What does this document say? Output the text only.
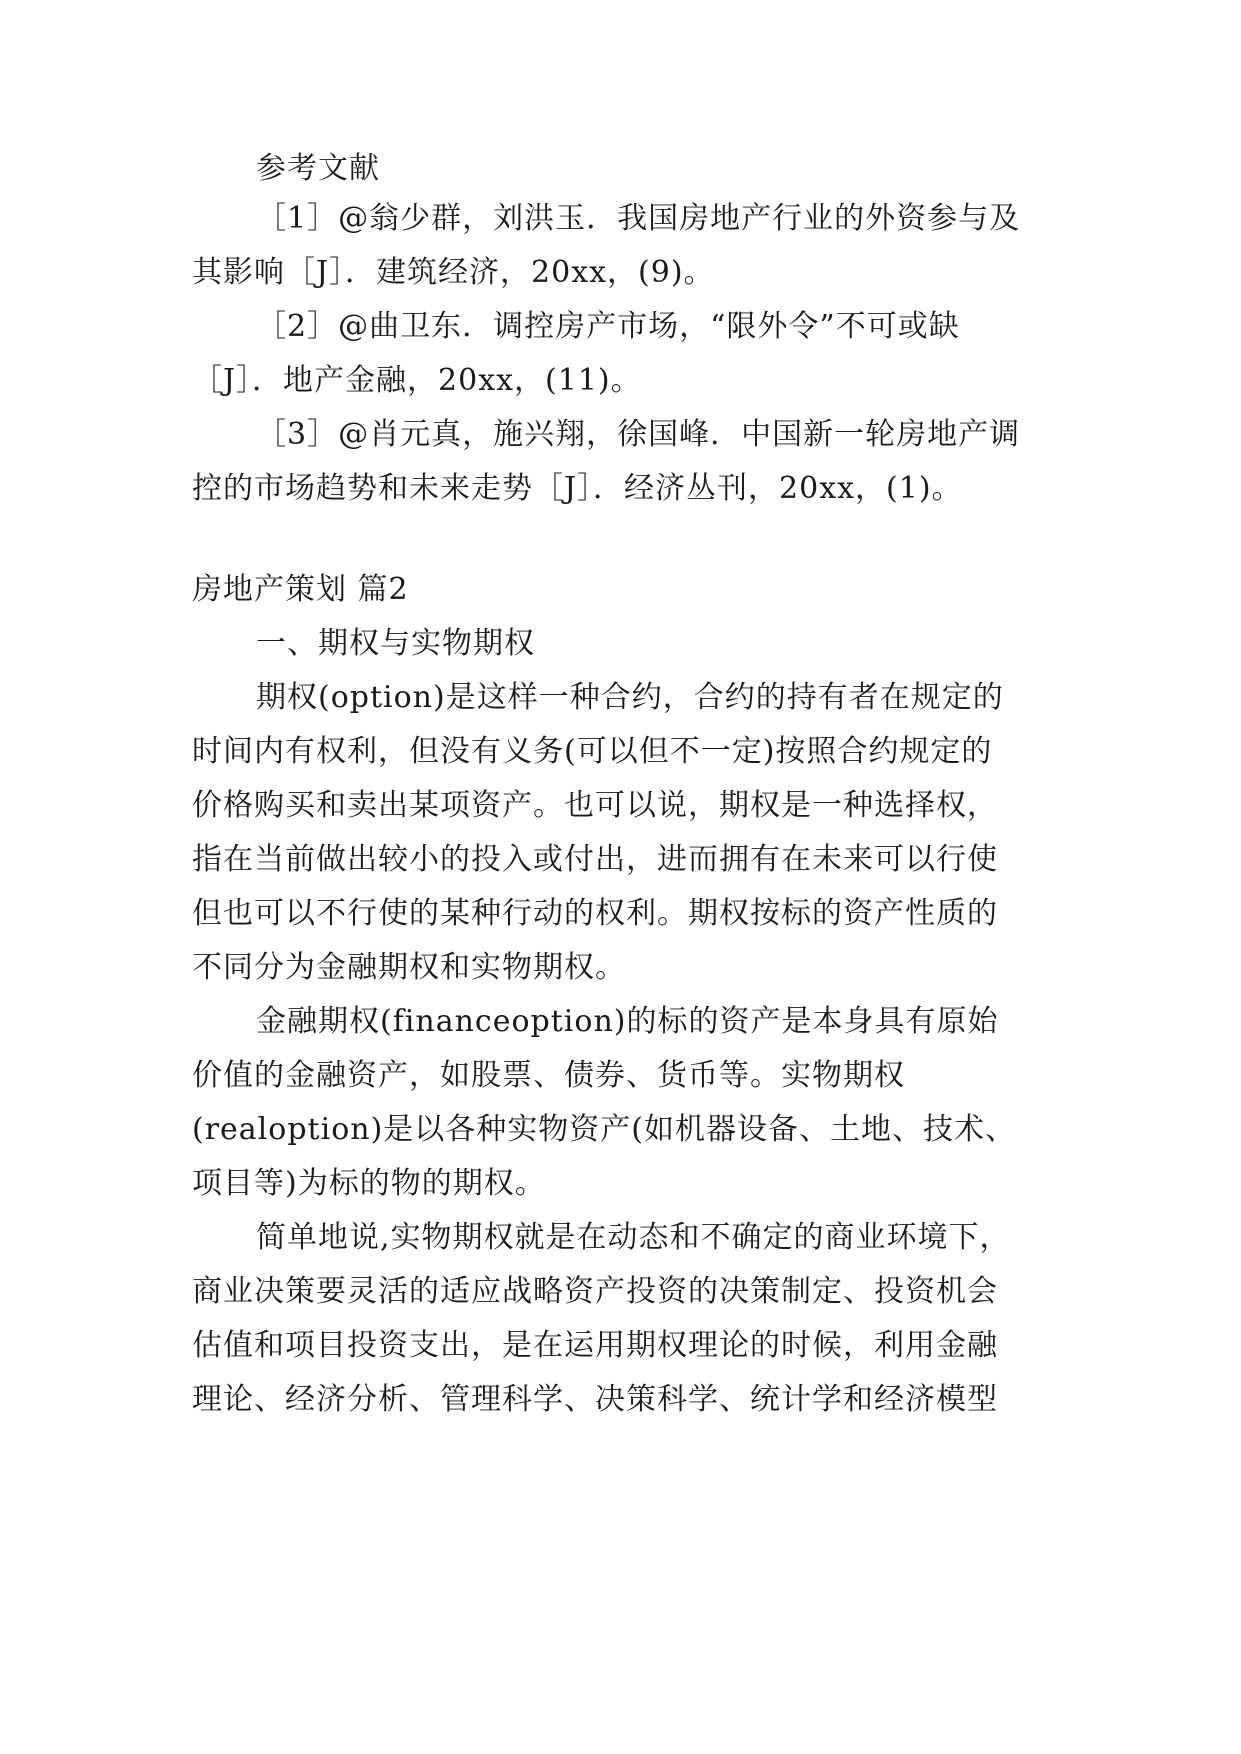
参考文献
［1］@翁少群，刘洪玉．我国房地产行业的外资参与及
其影响［J］．建筑经济，20xx，(9)。
［2］@曲卫东．调控房产市场，“限外令”不可或缺
［J］．地产金融，20xx，(11)。
［3］@肖元真，施兴翔，徐国峰．中国新一轮房地产调
控的市场趋势和未来走势［J］．经济丛刊，20xx，(1)。
房地产策划 篇2
一、期权与实物期权
期权(option)是这样一种合约，合约的持有者在规定的
时间内有权利，但没有义务(可以但不一定)按照合约规定的
价格购买和卖出某项资产。也可以说，期权是一种选择权，
指在当前做出较小的投入或付出，进而拥有在未来可以行使
但也可以不行使的某种行动的权利。期权按标的资产性质的
不同分为金融期权和实物期权。
金融期权(financeoption)的标的资产是本身具有原始
价值的金融资产，如股票、债券、货币等。实物期权
(realoption)是以各种实物资产(如机器设备、土地、技术、
项目等)为标的物的期权。
简单地说,实物期权就是在动态和不确定的商业环境下，
商业决策要灵活的适应战略资产投资的决策制定、投资机会
估值和项目投资支出，是在运用期权理论的时候，利用金融
理论、经济分析、管理科学、决策科学、统计学和经济模型
